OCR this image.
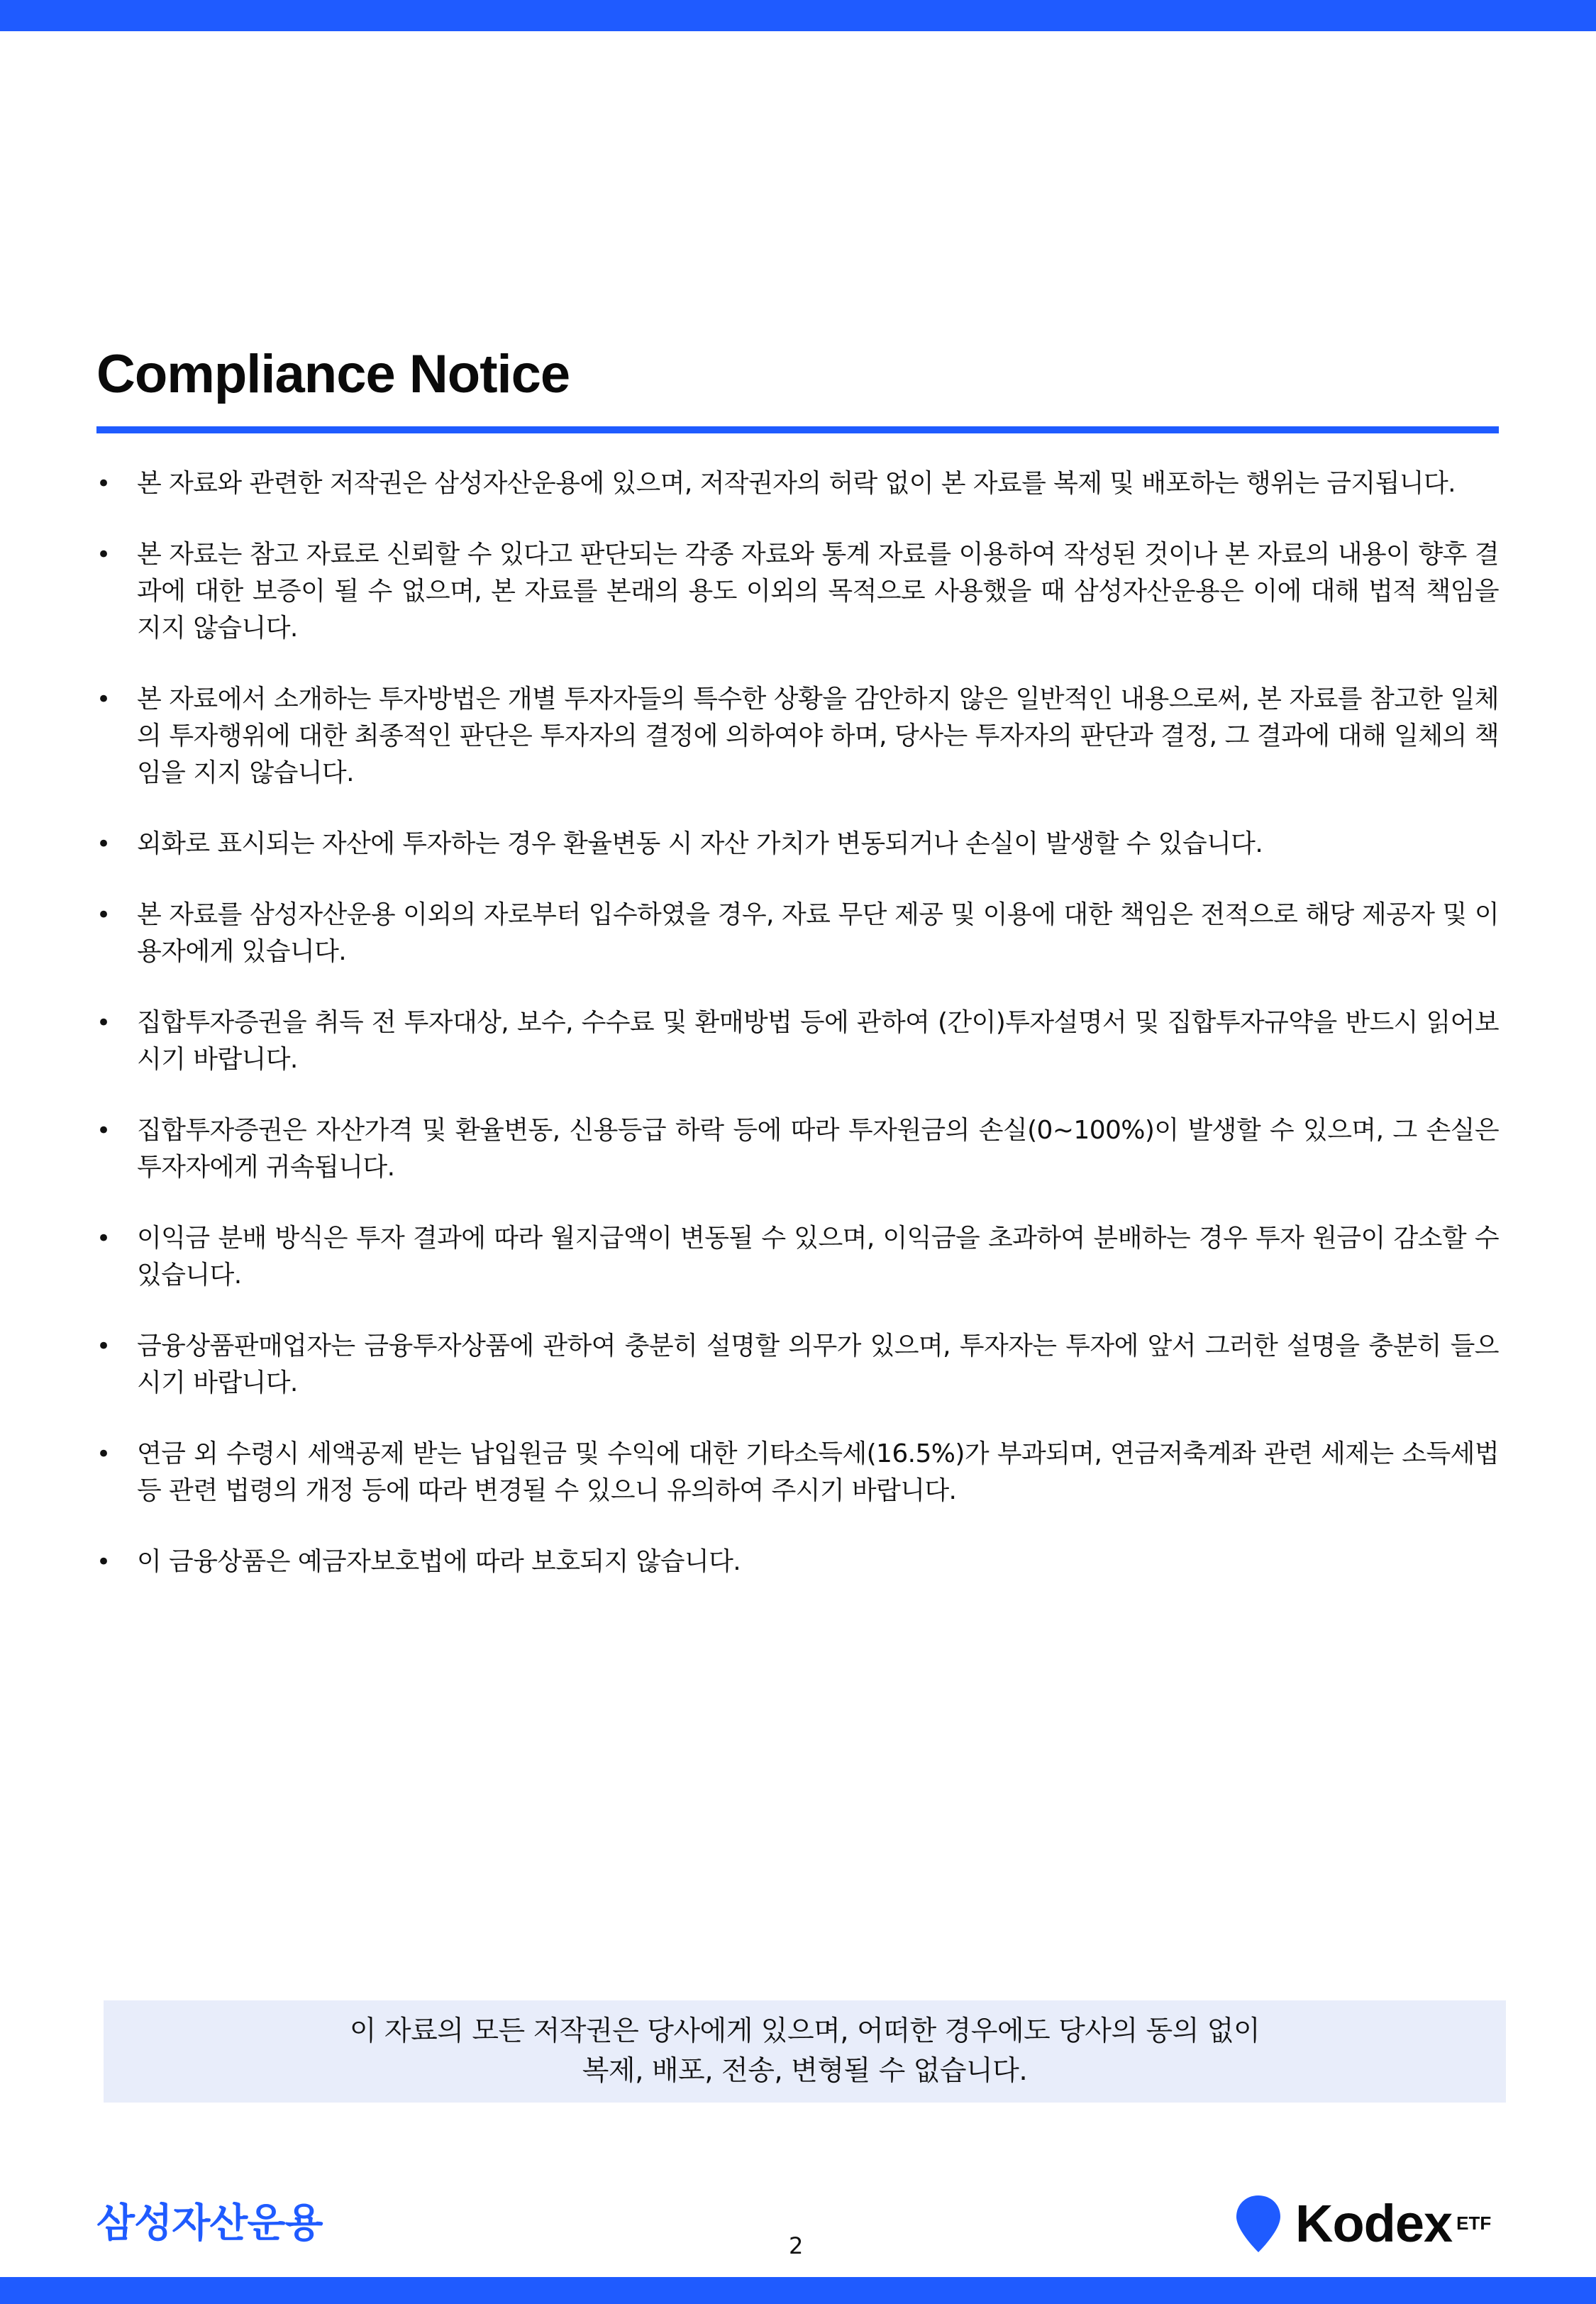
Compliance Notice
• 본 자료와 관련한 저작권은 삼성자산운용에 있으며, 저작권자의 허락 없이 본 자료를 복제 및 배포하는 행위는 금지됩니다.
• 본 자료는 참고 자료로 신뢰할 수 있다고 판단되는 각종 자료와 통계 자료를 이용하여 작성된 것이나 본 자료의 내용이 향후 결과에 대한 보증이 될 수 없으며, 본 자료를 본래의 용도 이외의 목적으로 사용했을 때 삼성자산운용은 이에 대해 법적 책임을 지지 않습니다.
• 본 자료에서 소개하는 투자방법은 개별 투자자들의 특수한 상황을 감안하지 않은 일반적인 내용으로써, 본 자료를 참고한 일체의 투자행위에 대한 최종적인 판단은 투자자의 결정에 의하여야 하며, 당사는 투자자의 판단과 결정, 그 결과에 대해 일체의 책임을 지지 않습니다.
• 외화로 표시되는 자산에 투자하는 경우 환율변동 시 자산 가치가 변동되거나 손실이 발생할 수 있습니다.
• 본 자료를 삼성자산운용 이외의 자로부터 입수하였을 경우, 자료 무단 제공 및 이용에 대한 책임은 전적으로 해당 제공자 및 이용자에게 있습니다.
• 집합투자증권을 취득 전 투자대상, 보수, 수수료 및 환매방법 등에 관하여 (간이)투자설명서 및 집합투자규약을 반드시 읽어보시기 바랍니다.
• 집합투자증권은 자산가격 및 환율변동, 신용등급 하락 등에 따라 투자원금의 손실(0~100%)이 발생할 수 있으며, 그 손실은 투자자에게 귀속됩니다.
• 이익금 분배 방식은 투자 결과에 따라 월지급액이 변동될 수 있으며, 이익금을 초과하여 분배하는 경우 투자 원금이 감소할 수 있습니다.
• 금융상품판매업자는 금융투자상품에 관하여 충분히 설명할 의무가 있으며, 투자자는 투자에 앞서 그러한 설명을 충분히 들으시기 바랍니다.
• 연금 외 수령시 세액공제 받는 납입원금 및 수익에 대한 기타소득세(16.5%)가 부과되며, 연금저축계좌 관련 세제는 소득세법 등 관련 법령의 개정 등에 따라 변경될 수 있으니 유의하여 주시기 바랍니다.
• 이 금융상품은 예금자보호법에 따라 보호되지 않습니다.
이 자료의 모든 저작권은 당사에게 있으며, 어떠한 경우에도 당사의 동의 없이
복제, 배포, 전송, 변형될 수 없습니다.
삼성자산운용	2	Kodex ETF
